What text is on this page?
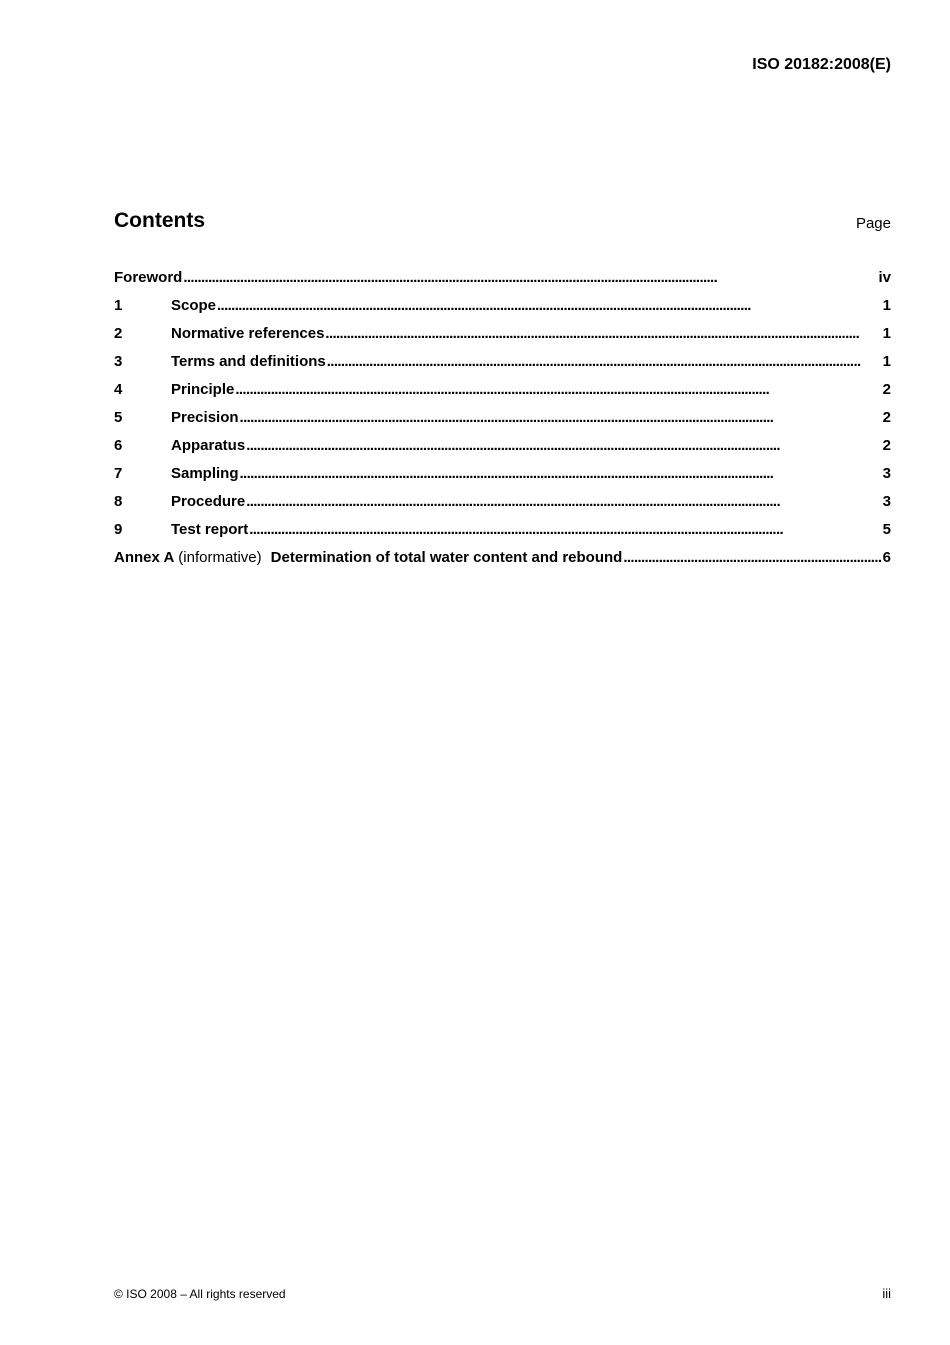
ISO 20182:2008(E)
Contents	Page
Foreword . . .	iv
1	Scope . . .	1
2	Normative references . . .	1
3	Terms and definitions . . .	1
4	Principle . . .	2
5	Precision . . .	2
6	Apparatus . . .	2
7	Sampling . . .	3
8	Procedure . . .	3
9	Test report . . .	5
Annex A (informative) Determination of total water content and rebound . . .	6
© ISO 2008 – All rights reserved	iii
